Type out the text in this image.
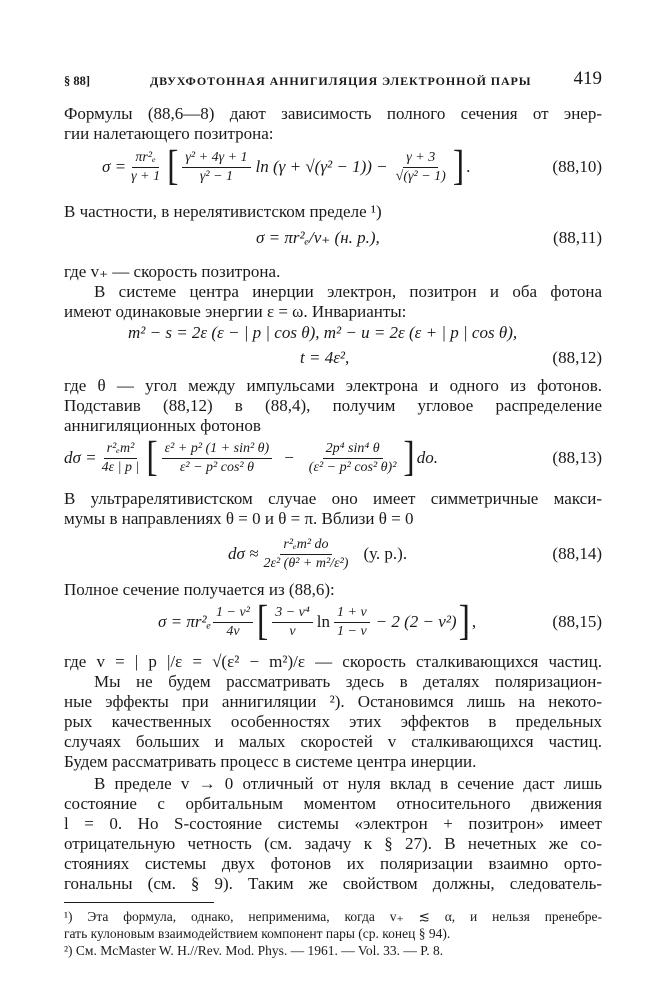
§ 88]	ДВУХФОТОННАЯ АННИГИЛЯЦИЯ ЭЛЕКТРОННОЙ ПАРЫ 419
Формулы (88,6—8) дают зависимость полного сечения от энер-
гии налетающего позитрона:
$\sigma = \frac{\text{πr²ₑ}}{\gamma + 1}$ [ $\frac{\text{γ² + 4γ + 1}}{\text{γ² − 1}}$ $\ln (\gamma + √(\gamma^2 - 1)) - \frac{\gamma + 3}{\text{√(γ² − 1)}}$ ] .	(88,10)
В частности, в нерелятивистском пределе ¹)
σ = πr²ₑ/v₊ (н. р.),	(88,11)
где v₊ — скорость позитрона.
В системе центра инерции электрон, позитрон и оба фотона
имеют одинаковые энергии ε = ω. Инварианты:
m² − s = 2ε (ε − | p | cos θ), m² − u = 2ε (ε + | p | cos θ),
t = 4ε²,	(88,12)
где θ — угол между импульсами электрона и одного из фотонов.
Подставив (88,12) в (88,4), получим угловое распределение
аннигиляционных фотонов
$d\sigma = \frac{\text{r²ₑm²}}{4\varepsilon | p |}$ [ $\frac{\text{ε² + p² (1 + sin² θ)}}{\text{ε² − p² cos² θ}} - \frac{\text{2p⁴ sin⁴ θ}}{\text{(ε² − p² cos² θ)²}}$ ] do.	(88,13)
В ультрарелятивистском случае оно имеет симметричные макси-
мумы в направлениях θ = 0 и θ = π. Вблизи θ = 0
$d\sigma \approx \frac{\text{r²ₑm² do}}{\text{2ε² (θ² + m²/ε²)}} (у$. р.).	(88,14)
Полное сечение получается из (88,6):
$\sigma = \pi r^2_e \frac{\text{1 − v²}}{4v}$ [ $\frac{\text{3 − v⁴}}{v}$ $\ln \frac{1 + v}{1 - v} - 2$ (2 − v²) ] ,	(88,15)
где v = | p |/ε = √(ε² − m²)/ε — скорость сталкивающихся частиц.
Мы не будем рассматривать здесь в деталях поляризацион-
ные эффекты при аннигиляции ²). Остановимся лишь на некото-
рых качественных особенностях этих эффектов в предельных
случаях больших и малых скоростей v сталкивающихся частиц.
Будем рассматривать процесс в системе центра инерции.
В пределе v → 0 отличный от нуля вклад в сечение даст лишь
состояние с орбитальным моментом относительного движения
l = 0. Но S-состояние системы «электрон + позитрон» имеет
отрицательную четность (см. задачу к § 27). В нечетных же со-
стояниях системы двух фотонов их поляризации взаимно орто-
гональны (см. § 9). Таким же свойством должны, следователь-
¹) Эта формула, однако, неприменима, когда v₊ ≲ α, и нельзя пренебре-
гать кулоновым взаимодействием компонент пары (ср. конец § 94).
²) См. McMaster W. H.//Rev. Mod. Phys. — 1961. — Vol. 33. — P. 8.
